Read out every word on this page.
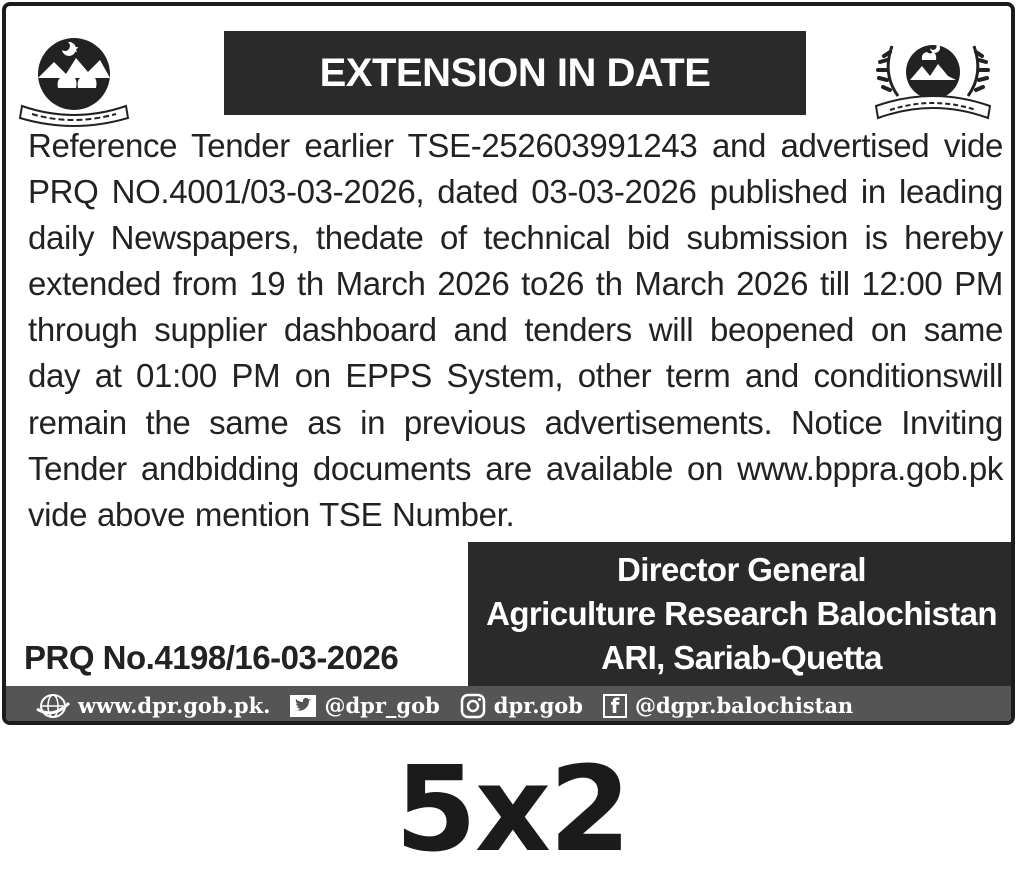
EXTENSION IN DATE

Reference Tender earlier TSE-252603991243 and advertised vide PRQ NO.4001/03-03-2026, dated 03-03-2026 published in leading daily Newspapers, thedate of technical bid submission is hereby extended from 19 th March 2026 to26 th March 2026 till 12:00 PM through supplier dashboard and tenders will beopened on same day at 01:00 PM on EPPS System, other term and conditionswill remain the same as in previous advertisements. Notice Inviting Tender andbidding documents are available on www.bppra.gob.pk vide above mention TSE Number.

Director General
Agriculture Research Balochistan
ARI, Sariab-Quetta
PRQ No.4198/16-03-2026
www.dpr.gob.pk.	@dpr_gob	dpr.gob	f @dgpr.balochistan
5x2
